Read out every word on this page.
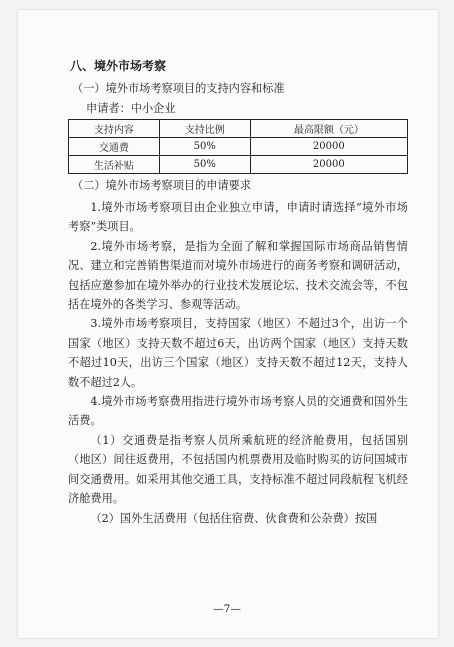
八、境外市场考察

（一）境外市场考察项目的支持内容和标准

申请者：中小企业

支持内容	支持比例	最高限额（元）
交通费	50%	20000
生活补贴	50%	20000

（二）境外市场考察项目的申请要求

1.境外市场考察项目由企业独立申请，申请时请选择“境外市场考察”类项目。

2.境外市场考察，是指为全面了解和掌握国际市场商品销售情况、建立和完善销售渠道而对境外市场进行的商务考察和调研活动，包括应邀参加在境外举办的行业技术发展论坛、技术交流会等，不包括在境外的各类学习、参观等活动。

3.境外市场考察项目，支持国家（地区）不超过3个，出访一个国家（地区）支持天数不超过6天，出访两个国家（地区）支持天数不超过10天，出访三个国家（地区）支持天数不超过12天，支持人数不超过2人。

4.境外市场考察费用指进行境外市场考察人员的交通费和国外生活费。

（1）交通费是指考察人员所乘航班的经济舱费用，包括国别（地区）间往返费用，不包括国内机票费用及临时购买的访问国城市间交通费用。如采用其他交通工具，支持标准不超过同段航程飞机经济舱费用。

（2）国外生活费用（包括住宿费、伙食费和公杂费）按国

—7—
